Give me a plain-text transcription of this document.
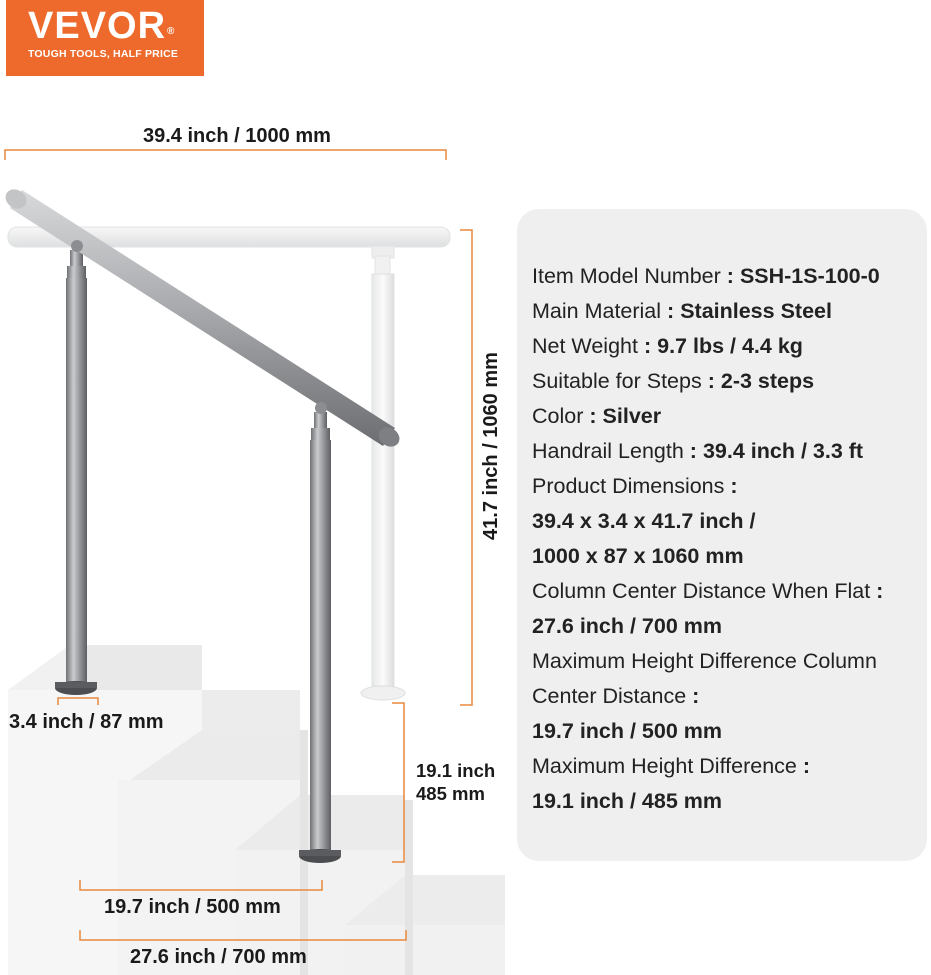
VEVOR®
TOUGH TOOLS, HALF PRICE
39.4 inch / 1000 mm
41.7 inch / 1060 mm
3.4 inch / 87 mm
19.1 inch
485 mm
19.7 inch / 500 mm
27.6 inch / 700 mm
Item Model Number : SSH-1S-100-0
Main Material : Stainless Steel
Net Weight : 9.7 lbs / 4.4 kg
Suitable for Steps : 2-3 steps
Color : Silver
Handrail Length : 39.4 inch / 3.3 ft
Product Dimensions :
39.4 x 3.4 x 41.7 inch /
1000 x 87 x 1060 mm
Column Center Distance When Flat :
27.6 inch / 700 mm
Maximum Height Difference Column
Center Distance :
19.7 inch / 500 mm
Maximum Height Difference :
19.1 inch / 485 mm
